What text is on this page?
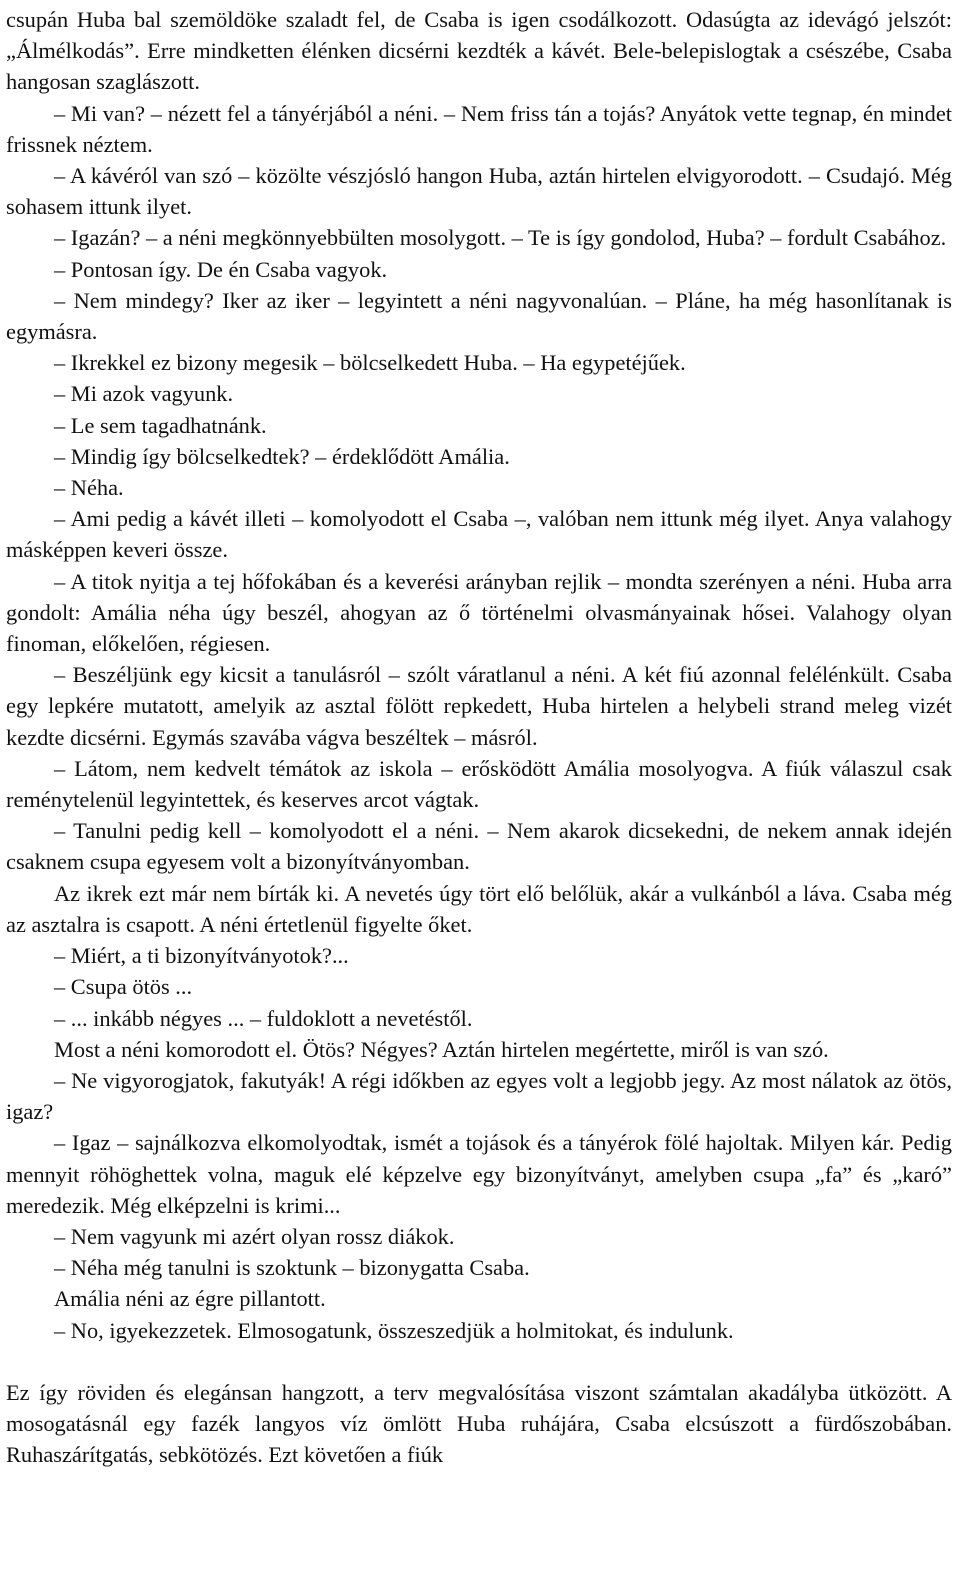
csupán Huba bal szemöldöke szaladt fel, de Csaba is igen csodálkozott. Odasúgta az idevágó jelszót: „Álmélkodás”. Erre mindketten élénken dicsérni kezdték a kávét. Bele-belepislogtak a csészébe, Csaba hangosan szaglászott.

– Mi van? – nézett fel a tányérjából a néni. – Nem friss tán a tojás? Anyátok vette tegnap, én mindet frissnek néztem.

– A kávéról van szó – közölte vészjósló hangon Huba, aztán hirtelen elvigyorodott. – Csudajó. Még sohasem ittunk ilyet.

– Igazán? – a néni megkönnyebbülten mosolygott. – Te is így gondolod, Huba? – fordult Csabához.

– Pontosan így. De én Csaba vagyok.

– Nem mindegy? Iker az iker – legyintett a néni nagyvonalúan. – Pláne, ha még hasonlítanak is egymásra.

– Ikrekkel ez bizony megesik – bölcselkedett Huba. – Ha egypetéjűek.

– Mi azok vagyunk.

– Le sem tagadhatnánk.

– Mindig így bölcselkedtek? – érdeklődött Amália.

– Néha.

– Ami pedig a kávét illeti – komolyodott el Csaba –, valóban nem ittunk még ilyet. Anya valahogy másképpen keveri össze.

– A titok nyitja a tej hőfokában és a keverési arányban rejlik – mondta szerényen a néni. Huba arra gondolt: Amália néha úgy beszél, ahogyan az ő történelmi olvasmányainak hősei. Valahogy olyan finoman, előkelően, régiesen.

– Beszéljünk egy kicsit a tanulásról – szólt váratlanul a néni. A két fiú azonnal felélénkült. Csaba egy lepkére mutatott, amelyik az asztal fölött repkedett, Huba hirtelen a helybeli strand meleg vizét kezdte dicsérni. Egymás szavába vágva beszéltek – másról.

– Látom, nem kedvelt témátok az iskola – erősködött Amália mosolyogva. A fiúk válaszul csak reménytelenül legyintettek, és keserves arcot vágtak.

– Tanulni pedig kell – komolyodott el a néni. – Nem akarok dicsekedni, de nekem annak idején csaknem csupa egyesem volt a bizonyítványomban.

Az ikrek ezt már nem bírták ki. A nevetés úgy tört elő belőlük, akár a vulkánból a láva. Csaba még az asztalra is csapott. A néni értetlenül figyelte őket.

– Miért, a ti bizonyítványotok?...

– Csupa ötös ...

– ... inkább négyes ... – fuldoklott a nevetéstől.

Most a néni komorodott el. Ötös? Négyes? Aztán hirtelen megértette, miről is van szó.

– Ne vigyorogjatok, fakutyák! A régi időkben az egyes volt a legjobb jegy. Az most nálatok az ötös, igaz?

– Igaz – sajnálkozva elkomolyodtak, ismét a tojások és a tányérok fölé hajoltak. Milyen kár. Pedig mennyit röhöghettek volna, maguk elé képzelve egy bizonyítványt, amelyben csupa „fa” és „karó” meredezik. Még elképzelni is krimi...

– Nem vagyunk mi azért olyan rossz diákok.

– Néha még tanulni is szoktunk – bizonygatta Csaba.

Amália néni az égre pillantott.

– No, igyekezzetek. Elmosogatunk, összeszedjük a holmitokat, és indulunk.

Ez így röviden és elegánsan hangzott, a terv megvalósítása viszont számtalan akadályba ütközött. A mosogatásnál egy fazék langyos víz ömlött Huba ruhájára, Csaba elcsúszott a fürdőszobában. Ruhaszárítgatás, sebkötözés. Ezt követően a fiúk
